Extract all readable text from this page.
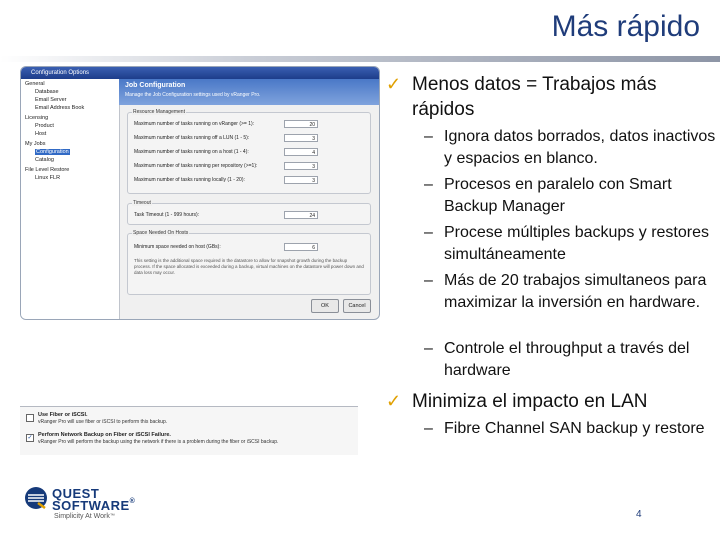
Más rápido
Configuration Options
General
Database
Email Server
Email Address Book
Licensing
Product
Host
My Jobs
Configuration
Catalog
File Level Restore
Linux FLR
Job Configuration
Manage the Job Configuration settings used by vRanger Pro.
Resource Management
Maximum number of tasks running on vRanger (>= 1):	20
Maximum number of tasks running off a LUN (1 - 5):	3
Maximum number of tasks running on a host (1 - 4):	4
Maximum number of tasks running per repository (>=1):	3
Maximum number of tasks running locally (1 - 20):	3
Timeout
Task Timeout (1 - 999 hours):	24
Space Needed On Hosts
Minimum space needed on host (GBs):	6
This setting is the additional space required in the datastore to allow for snapshot growth during the backup process. If the space allocated is exceeded during a backup, virtual machines on the datastore will power down and data loss may occur.
OK	Cancel
Use Fiber or iSCSI.
vRanger Pro will use fiber or iSCSI to perform this backup.
✓ Perform Network Backup on Fiber or iSCSI Failure.
vRanger Pro will perform the backup using the network if there is a problem during the fiber or iSCSI backup.
✓ Menos datos = Trabajos más rápidos
– Ignora datos borrados, datos inactivos y espacios en blanco.
– Procesos en paralelo con Smart Backup Manager
– Procese múltiples backups y restores simultáneamente
– Más de 20 trabajos simultaneos para maximizar la inversión en hardware.
– Controle el throughput a través del hardware
✓ Minimiza el impacto en LAN
– Fibre Channel SAN backup y restore
QUEST
SOFTWARE®
Simplicity At Work™	4
